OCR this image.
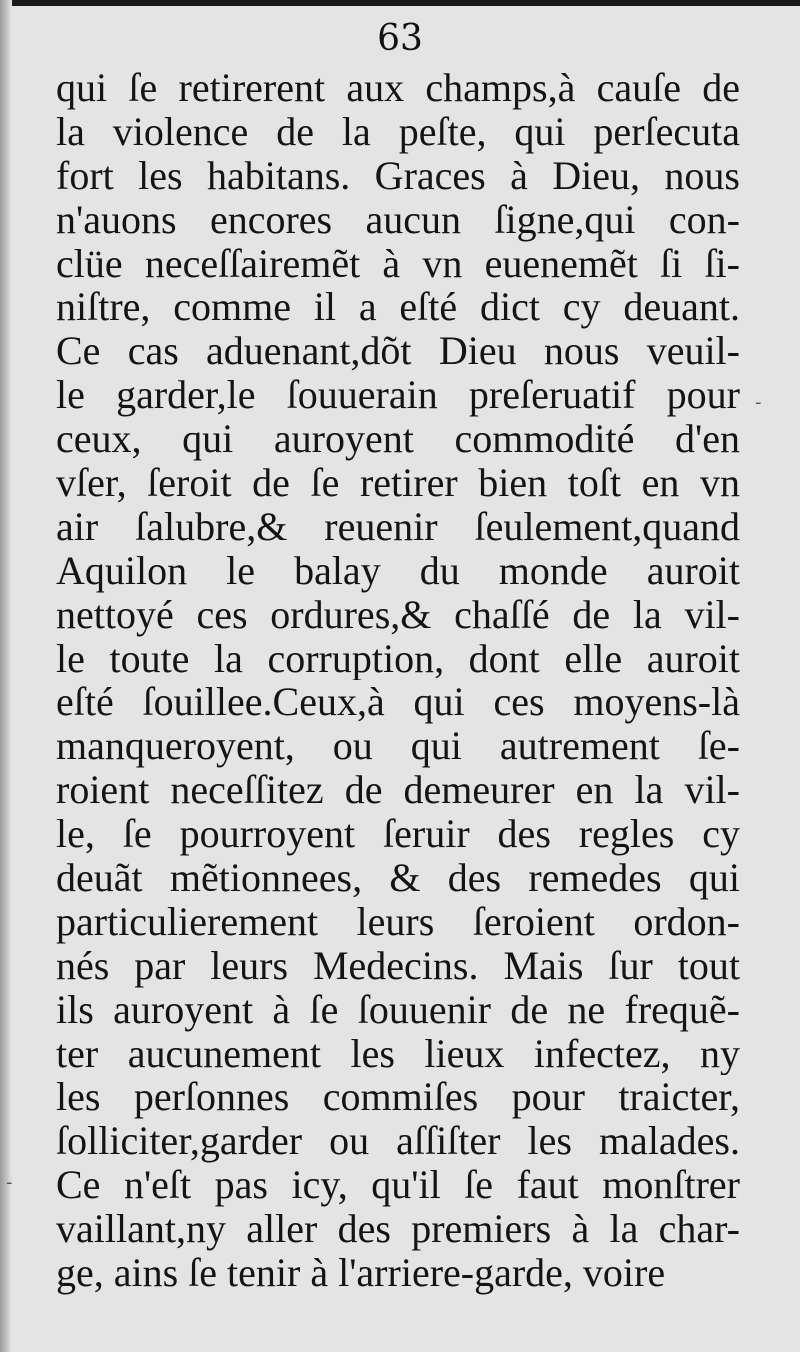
63
-
-
qui ſe retirerent aux champs,à cauſe de
la violence de la peſte, qui perſecuta
fort les habitans. Graces à Dieu, nous
n'auons encores aucun ſigne,qui con-
clüe neceſſairemẽt à vn euenemẽt ſi ſi-
niſtre, comme il a eſté dict cy deuant.
Ce cas aduenant,dõt Dieu nous veuil-
le garder,le ſouuerain preſeruatif pour
ceux, qui auroyent commodité d'en
vſer, ſeroit de ſe retirer bien toſt en vn
air ſalubre,& reuenir ſeulement,quand
Aquilon le balay du monde auroit
nettoyé ces ordures,& chaſſé de la vil-
le toute la corruption, dont elle auroit
eſté ſouillee.Ceux,à qui ces moyens-là
manqueroyent, ou qui autrement ſe-
roient neceſſitez de demeurer en la vil-
le, ſe pourroyent ſeruir des regles cy
deuãt mẽtionnees, & des remedes qui
particulierement leurs ſeroient ordon-
nés par leurs Medecins. Mais ſur tout
ils auroyent à ſe ſouuenir de ne frequẽ-
ter aucunement les lieux infectez, ny
les perſonnes commiſes pour traicter,
ſolliciter,garder ou aſſiſter les malades.
Ce n'eſt pas icy, qu'il ſe faut monſtrer
vaillant,ny aller des premiers à la char-
ge, ains ſe tenir à l'arriere-garde, voire
